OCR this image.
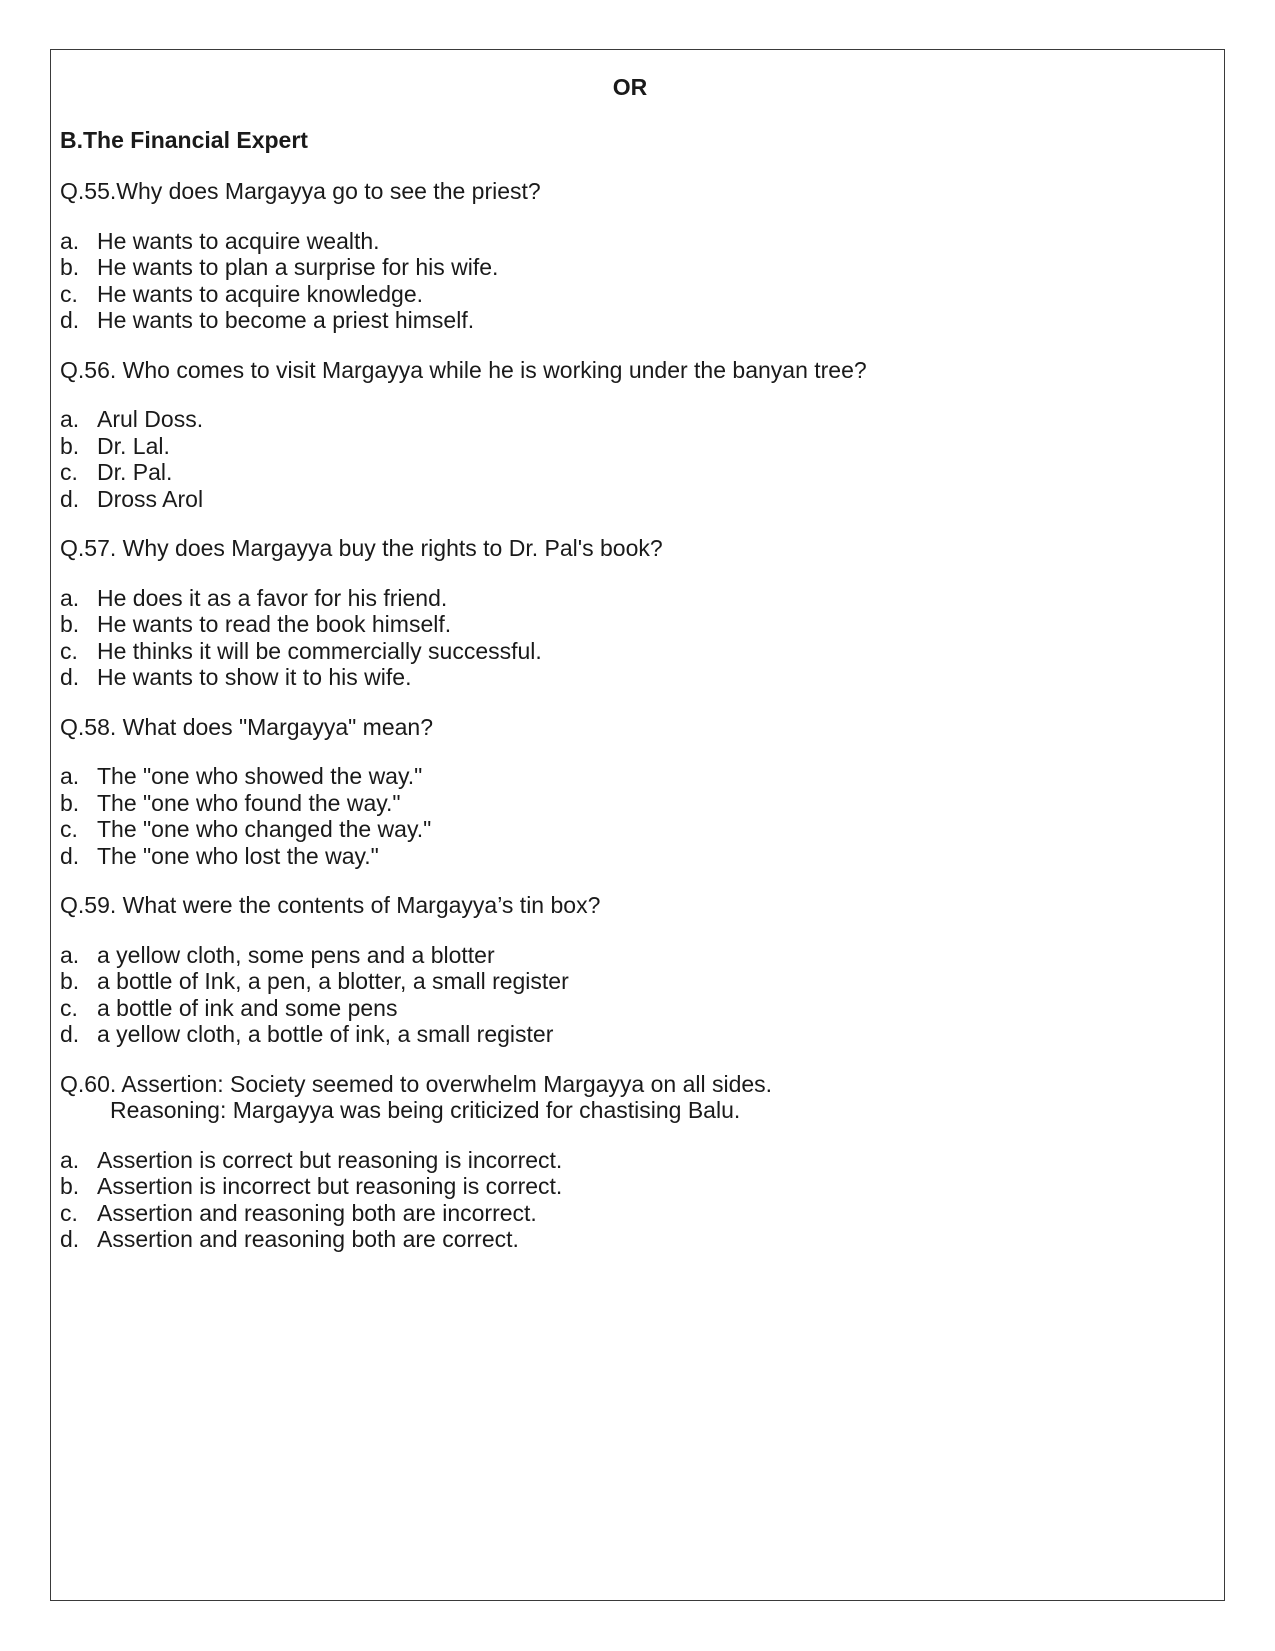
OR
B.The Financial Expert
Q.55.Why does Margayya go to see the priest?
a. He wants to acquire wealth.
b. He wants to plan a surprise for his wife.
c. He wants to acquire knowledge.
d. He wants to become a priest himself.
Q.56. Who comes to visit Margayya while he is working under the banyan tree?
a. Arul Doss.
b. Dr. Lal.
c. Dr. Pal.
d. Dross Arol
Q.57. Why does Margayya buy the rights to Dr. Pal's book?
a. He does it as a favor for his friend.
b. He wants to read the book himself.
c. He thinks it will be commercially successful.
d. He wants to show it to his wife.
Q.58. What does "Margayya" mean?
a. The "one who showed the way."
b. The "one who found the way."
c. The "one who changed the way."
d. The "one who lost the way."
Q.59. What were the contents of Margayya’s tin box?
a. a yellow cloth, some pens and a blotter
b. a bottle of Ink, a pen, a blotter, a small register
c. a bottle of ink and some pens
d. a yellow cloth, a bottle of ink, a small register
Q.60. Assertion: Society seemed to overwhelm Margayya on all sides.
Reasoning: Margayya was being criticized for chastising Balu.
a. Assertion is correct but reasoning is incorrect.
b. Assertion is incorrect but reasoning is correct.
c. Assertion and reasoning both are incorrect.
d. Assertion and reasoning both are correct.
